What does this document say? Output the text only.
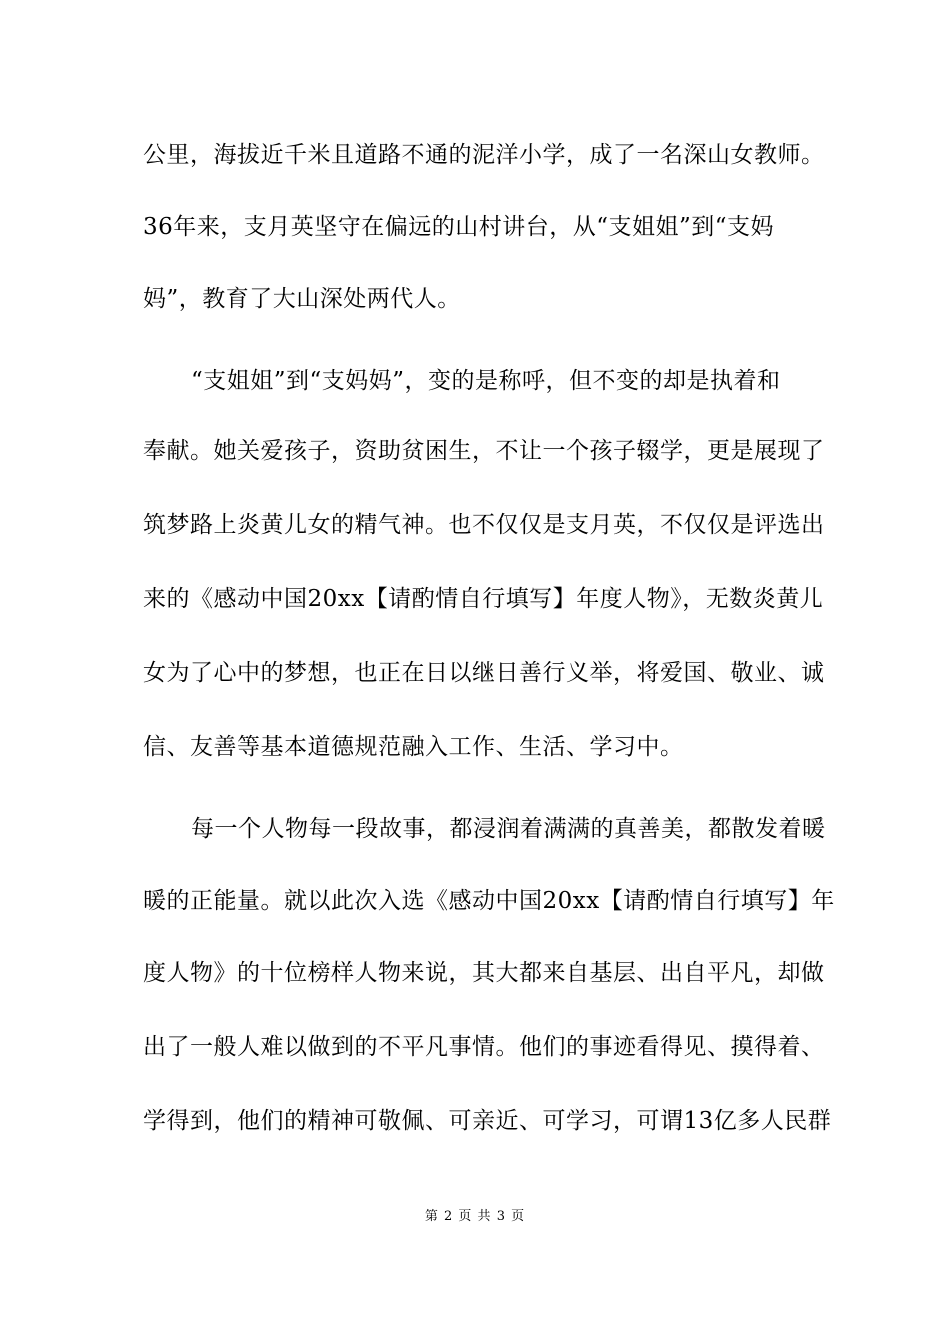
公里，海拔近千米且道路不通的泥洋小学，成了一名深山女教师。
36年来，支月英坚守在偏远的山村讲台，从“支姐姐”到“支妈
妈”，教育了大山深处两代人。
“支姐姐”到“支妈妈”，变的是称呼，但不变的却是执着和
奉献。她关爱孩子，资助贫困生，不让一个孩子辍学，更是展现了
筑梦路上炎黄儿女的精气神。也不仅仅是支月英，不仅仅是评选出
来的《感动中国20xx【请酌情自行填写】年度人物》，无数炎黄儿
女为了心中的梦想，也正在日以继日善行义举，将爱国、敬业、诚
信、友善等基本道德规范融入工作、生活、学习中。
每一个人物每一段故事，都浸润着满满的真善美，都散发着暖
暖的正能量。就以此次入选《感动中国20xx【请酌情自行填写】年
度人物》的十位榜样人物来说，其大都来自基层、出自平凡，却做
出了一般人难以做到的不平凡事情。他们的事迹看得见、摸得着、
学得到，他们的精神可敬佩、可亲近、可学习，可谓13亿多人民群
第 2 页 共 3 页
